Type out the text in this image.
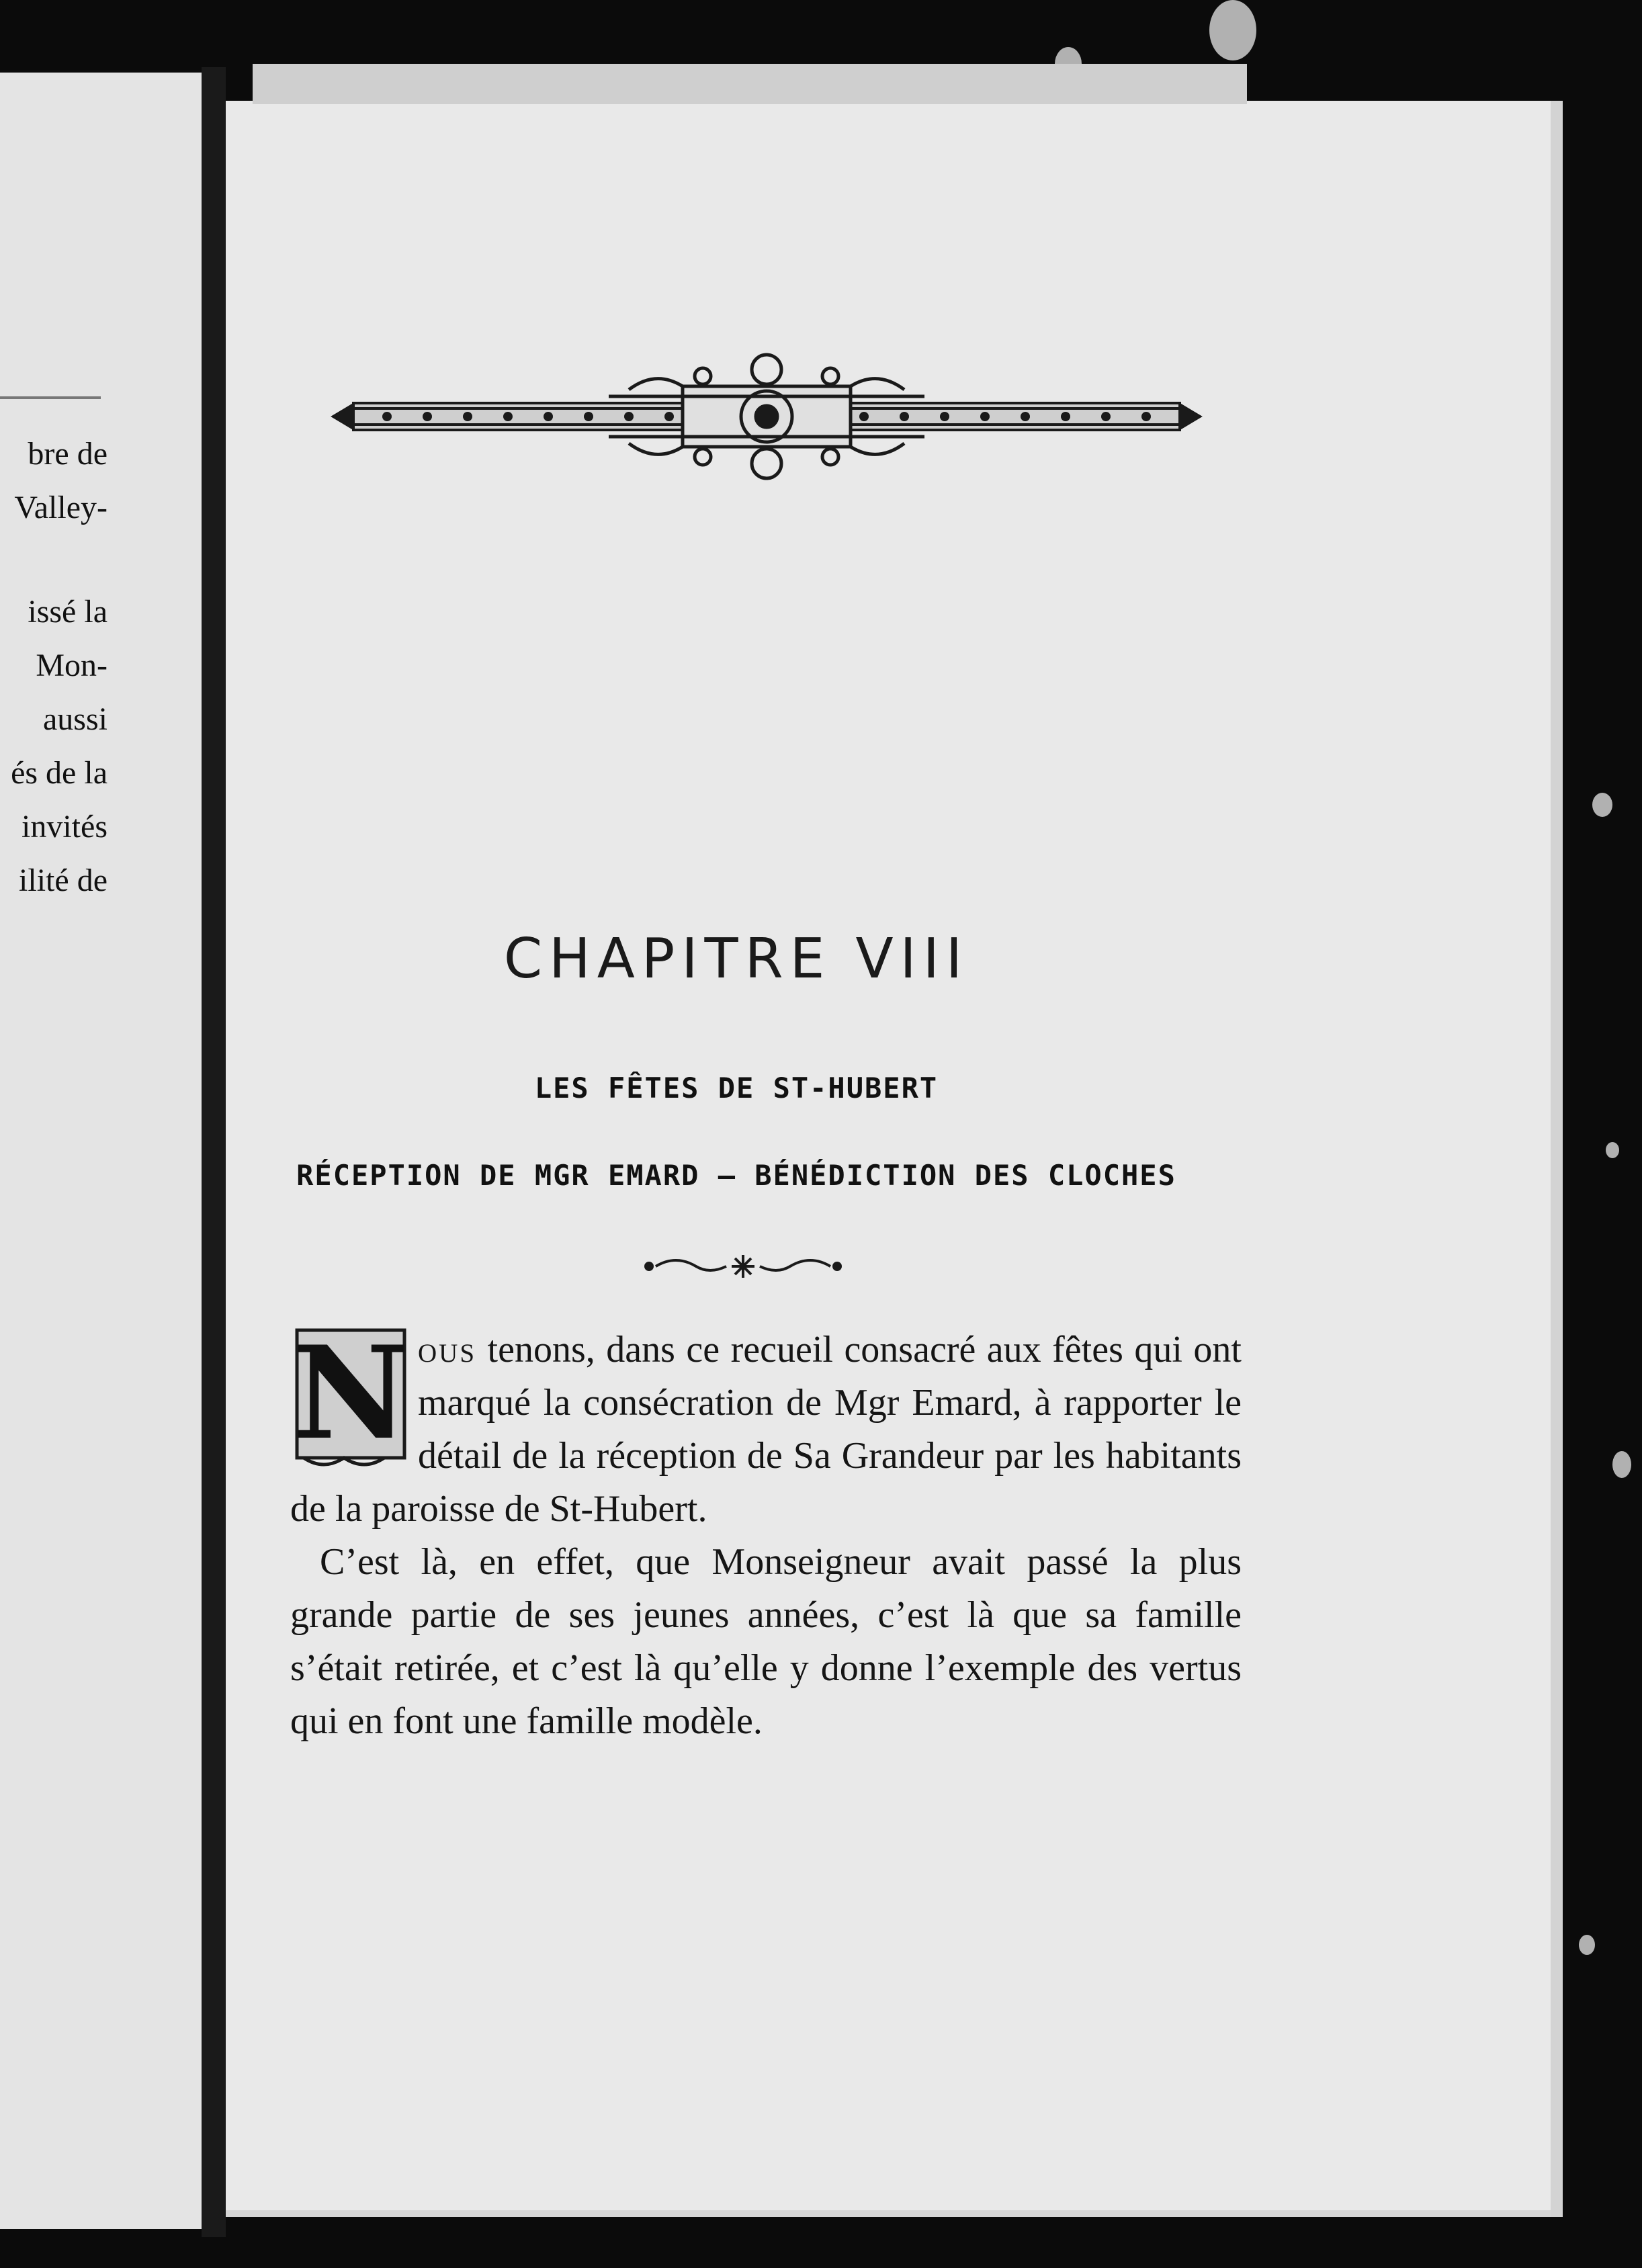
bre de
Valley-
issé la
Mon-
aussi
és de la
invités
ilité de
CHAPITRE VIII
LES FÊTES DE ST-HUBERT
RÉCEPTION DE MGR EMARD — BÉNÉDICTION DES CLOCHES

N ous tenons, dans ce recueil consacré aux fêtes qui ont marqué la consécration de Mgr Emard, à rapporter le détail de la réception de Sa Grandeur par les habitants de la paroisse de St-Hubert.

C’est là, en effet, que Monseigneur avait passé la plus grande partie de ses jeunes années, c’est là que sa famille s’était retirée, et c’est là qu’elle y donne l’exemple des vertus qui en font une famille modèle.
